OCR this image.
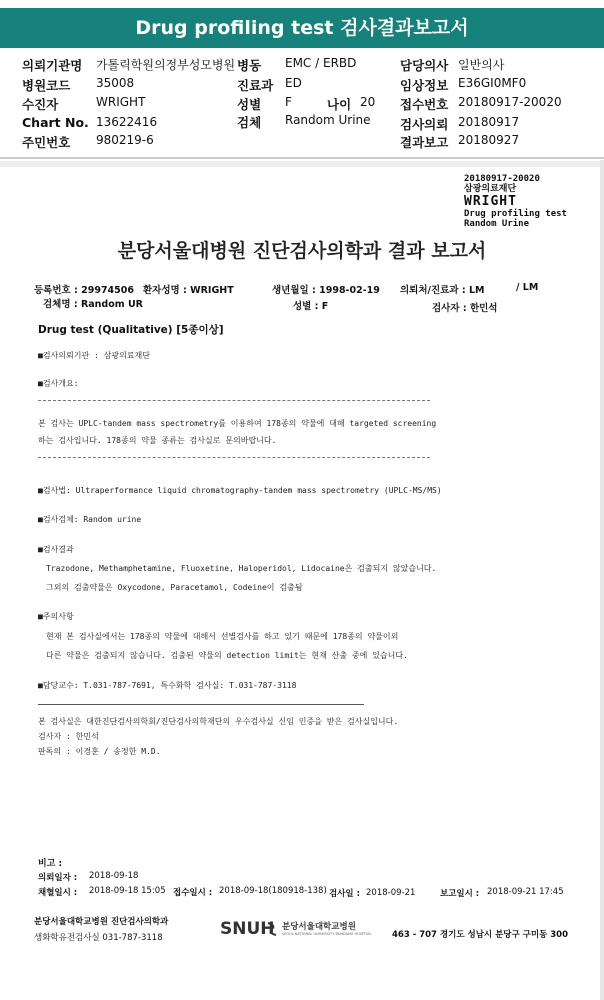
Drug profiling test 검사결과보고서
의뢰기관명 가톨릭학원의정부성모병원 병동 EMC / ERBD	담당의사 일반의사
병원코드 35008	진료과 ED	임상정보 E36GI0MF0
수진자	WRIGHT	성별 F	나이 20 접수번호 20180917-20020
Chart No. 13622416	검체 Random Urine 검사의뢰 20180917
주민번호 980219-6	결과보고 20180927
20180917-20020
삼광의료재단
WRIGHT
Drug profiling test
Random Urine
분당서울대병원 진단검사의학과 결과 보고서
등록번호 : 29974506 환자성명 : WRIGHT	생년월일 : 1998-02-19 의뢰처/진료과 : LM	/ LM
검체명 : Random UR	성별 : F	검사자 : 한민석
Drug test (Qualitative) [5종이상]
■검사의뢰기관 : 삼광의료재단
■검사개요:
본 검사는 UPLC-tandem mass spectrometry를 이용하여 178종의 약물에 대해 targeted screening
하는 검사입니다. 178종의 약물 종류는 검사실로 문의바랍니다.
■검사법: Ultraperformance liquid chromatography-tandem mass spectrometry (UPLC-MS/MS)
■검사검체: Random urine
■검사결과
Trazodone, Methamphetamine, Fluoxetine, Haloperidol, Lidocaine은 검출되지 않았습니다.
그외의 검출약물은 Oxycodone, Paracetamol, Codeine이 검출됨
■주의사항
현재 본 검사실에서는 178종의 약물에 대해서 선별검사를 하고 있기 때문에 178종의 약물이외
다른 약물은 검출되지 않습니다. 검출된 약물의 detection limit는 현재 산출 중에 있습니다.
■담당교수: T.031-787-7691, 특수화학 검사실: T.031-787-3118
본 검사실은 대한진단검사의학회/진단검사의학재단의 우수검사실 신임 인증을 받은 검사실입니다.
검사자 : 한민석
판독의 : 이경훈 / 송정한 M.D.
비고 :
의뢰일자 : 2018-09-18
채혈일시 : 2018-09-18 15:05 접수일시 : 2018-09-18(180918-138) 검사일 : 2018-09-21	보고일시 : 2018-09-21 17:45
분당서울대학교병원 진단검사의학과
생화학유전검사실 031-787-3118	SNUH 분당서울대학교병원
SEOUL NATIONAL UNIVERSITY BUNDANG HOSPITAL 463 - 707 경기도 성남시 분당구 구미동 300
